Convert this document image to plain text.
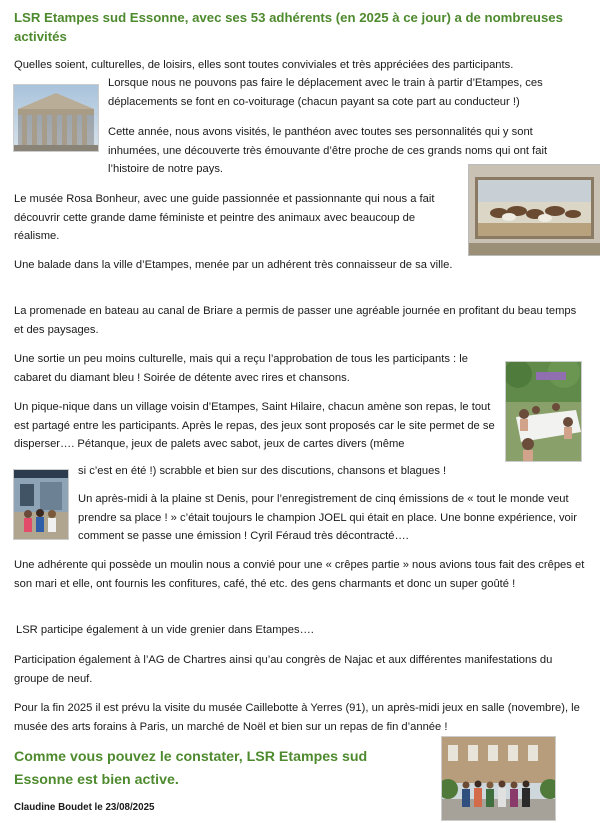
LSR Etampes sud Essonne, avec ses 53 adhérents (en 2025 à ce jour) a de nombreuses activités

Quelles soient, culturelles, de loisirs, elles sont toutes conviviales et très appréciées des participants.

Lorsque nous ne pouvons pas faire le déplacement avec le train à partir d’Etampes, ces déplacements se font en co-voiturage (chacun payant sa cote part au conducteur !)

Cette année, nous avons visités, le panthéon avec toutes ses personnalités qui y sont inhumées, une découverte très émouvante d’être proche de ces grands noms qui ont fait l’histoire de notre pays.

Le musée Rosa Bonheur, avec une guide passionnée et passionnante qui nous a fait découvrir cette grande dame féministe et peintre des animaux avec beaucoup de réalisme.

Une balade dans la ville d’Etampes, menée par un adhérent très connaisseur de sa ville.

La promenade en bateau au canal de Briare a permis de passer une agréable journée en profitant du beau temps et des paysages.

Une sortie un peu moins culturelle, mais qui a reçu l’approbation de tous les participants : le cabaret du diamant bleu ! Soirée de détente avec rires et chansons.

Un pique-nique dans un village voisin d’Etampes, Saint Hilaire, chacun amène son repas, le tout est partagé entre les participants. Après le repas, des jeux sont proposés car le site permet de se disperser…. Pétanque, jeux de palets avec sabot, jeux de cartes divers (même

si c’est en été !) scrabble et bien sur des discutions, chansons et blagues !

Un après-midi à la plaine st Denis, pour l’enregistrement de cinq émissions de « tout le monde veut prendre sa place ! » c’était toujours le champion JOEL qui était en place. Une bonne expérience, voir comment se passe une émission ! Cyril Féraud très décontracté….

Une adhérente qui possède un moulin nous a convié pour une « crêpes partie » nous avions tous fait des crêpes et son mari et elle, ont fournis les confitures, café, thé etc. des gens charmants et donc un super goûté !

LSR participe également à un vide grenier dans Etampes….

Participation également à l’AG de Chartres ainsi qu’au congrès de Najac et aux différentes manifestations du groupe de neuf.

Pour la fin 2025 il est prévu la visite du musée Caillebotte à Yerres (91), un après-midi jeux en salle (novembre), le musée des arts forains à Paris, un marché de Noël et bien sur un repas de fin d’année !

Comme vous pouvez le constater, LSR Etampes sud Essonne est bien active.

Claudine Boudet le 23/08/2025
